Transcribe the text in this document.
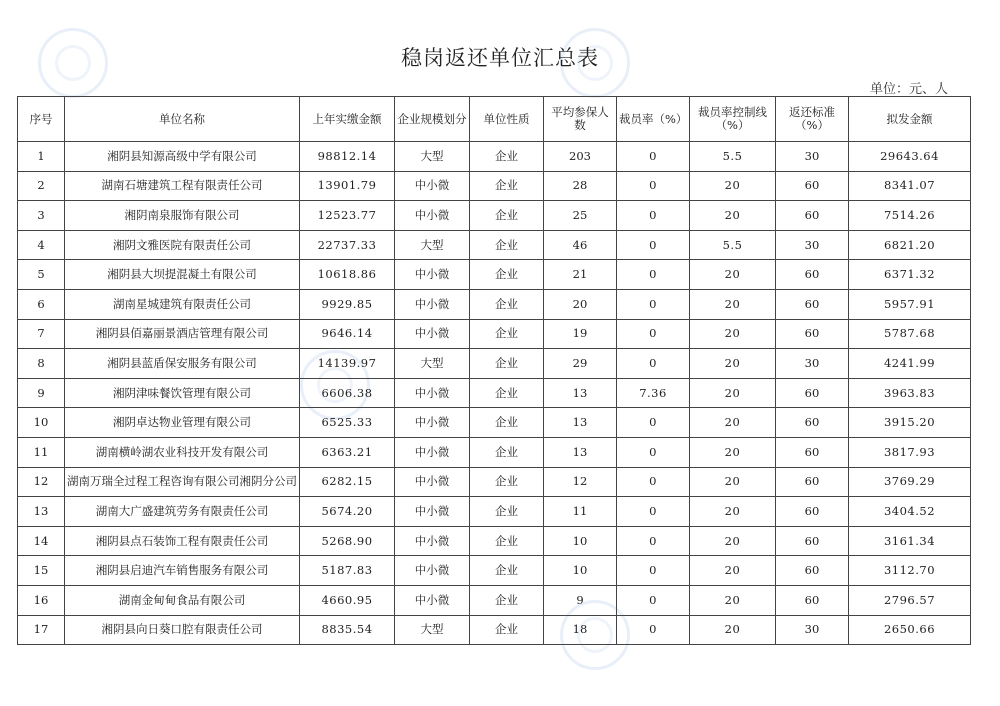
稳岗返还单位汇总表
单位：元、人
序号	单位名称	上年实缴金额	企业规模划分	单位性质	平均参保人数	裁员率（%）	裁员率控制线（%）	返还标准（%）	拟发金额
1	湘阴县知源高级中学有限公司	98812.14	大型	企业	203	0	5.5	30	29643.64
2	湖南石塘建筑工程有限责任公司	13901.79	中小微	企业	28	0	20	60	8341.07
3	湘阴南泉服饰有限公司	12523.77	中小微	企业	25	0	20	60	7514.26
4	湘阴文雅医院有限责任公司	22737.33	大型	企业	46	0	5.5	30	6821.20
5	湘阴县大坝提混凝土有限公司	10618.86	中小微	企业	21	0	20	60	6371.32
6	湖南星城建筑有限责任公司	9929.85	中小微	企业	20	0	20	60	5957.91
7	湘阴县佰嘉丽景酒店管理有限公司	9646.14	中小微	企业	19	0	20	60	5787.68
8	湘阴县蓝盾保安服务有限公司	14139.97	大型	企业	29	0	20	30	4241.99
9	湘阴津味餐饮管理有限公司	6606.38	中小微	企业	13	7.36	20	60	3963.83
10	湘阴卓达物业管理有限公司	6525.33	中小微	企业	13	0	20	60	3915.20
11	湖南横岭湖农业科技开发有限公司	6363.21	中小微	企业	13	0	20	60	3817.93
12	湖南万瑞全过程工程咨询有限公司湘阴分公司	6282.15	中小微	企业	12	0	20	60	3769.29
13	湖南大广盛建筑劳务有限责任公司	5674.20	中小微	企业	11	0	20	60	3404.52
14	湘阴县点石装饰工程有限责任公司	5268.90	中小微	企业	10	0	20	60	3161.34
15	湘阴县启迪汽车销售服务有限公司	5187.83	中小微	企业	10	0	20	60	3112.70
16	湖南金甸甸食品有限公司	4660.95	中小微	企业	9	0	20	60	2796.57
17	湘阴县向日葵口腔有限责任公司	8835.54	大型	企业	18	0	20	30	2650.66
